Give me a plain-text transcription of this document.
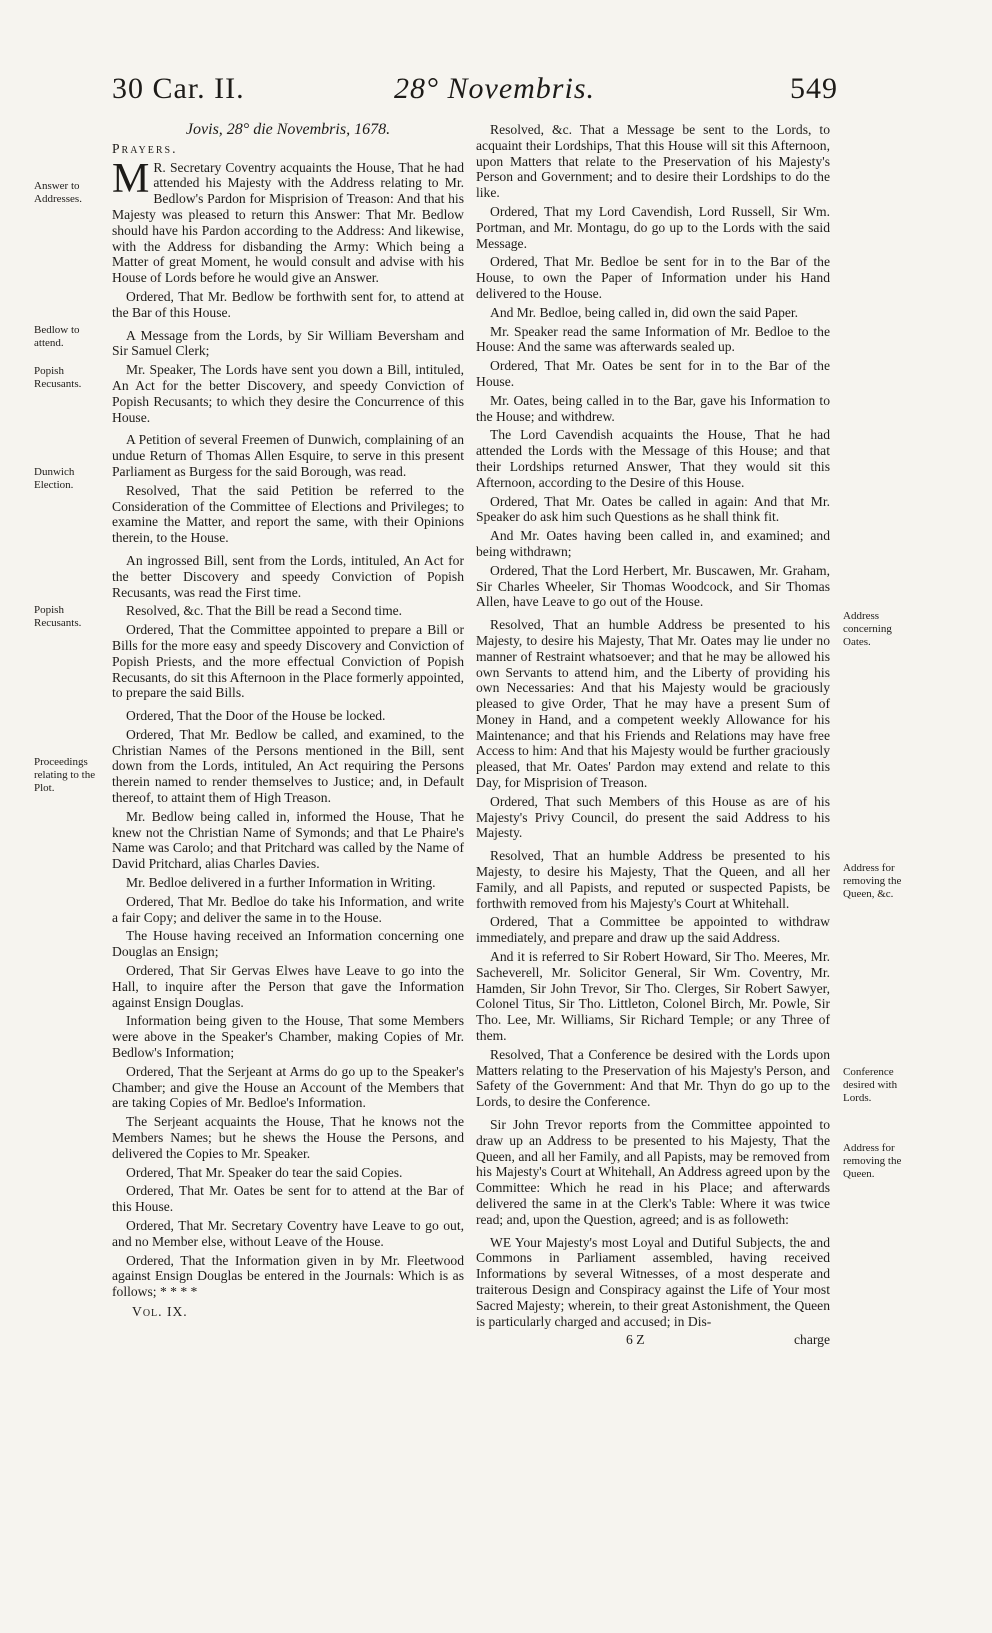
30 Car. II.	28° Novembris.	549
Answer to Addresses.
Bedlow to attend.
Popish Recusants.
Dunwich Election.
Popish Recusants.
Proceedings relating to the Plot.
Address concerning Oates.
Address for removing the Queen, &c.
Conference desired with Lords.
Address for removing the Queen.

Jovis, 28° die Novembris, 1678.

Prayers.

M R. Secretary Coventry acquaints the House, That he had attended his Majesty with the Address relating to Mr. Bedlow's Pardon for Misprision of Treason: And that his Majesty was pleased to return this Answer: That Mr. Bedlow should have his Pardon according to the Address: And likewise, with the Address for disbanding the Army: Which being a Matter of great Moment, he would consult and advise with his House of Lords before he would give an Answer.

Ordered, That Mr. Bedlow be forthwith sent for, to attend at the Bar of this House.

A Message from the Lords, by Sir William Beversham and Sir Samuel Clerk;

Mr. Speaker, The Lords have sent you down a Bill, intituled, An Act for the better Discovery, and speedy Conviction of Popish Recusants; to which they desire the Concurrence of this House.

A Petition of several Freemen of Dunwich, complaining of an undue Return of Thomas Allen Esquire, to serve in this present Parliament as Burgess for the said Borough, was read.

Resolved, That the said Petition be referred to the Consideration of the Committee of Elections and Privileges; to examine the Matter, and report the same, with their Opinions therein, to the House.

An ingrossed Bill, sent from the Lords, intituled, An Act for the better Discovery and speedy Conviction of Popish Recusants, was read the First time.

Resolved, &c. That the Bill be read a Second time.

Ordered, That the Committee appointed to prepare a Bill or Bills for the more easy and speedy Discovery and Conviction of Popish Priests, and the more effectual Conviction of Popish Recusants, do sit this Afternoon in the Place formerly appointed, to prepare the said Bills.

Ordered, That the Door of the House be locked.

Ordered, That Mr. Bedlow be called, and examined, to the Christian Names of the Persons mentioned in the Bill, sent down from the Lords, intituled, An Act requiring the Persons therein named to render themselves to Justice; and, in Default thereof, to attaint them of High Treason.

Mr. Bedlow being called in, informed the House, That he knew not the Christian Name of Symonds; and that Le Phaire's Name was Carolo; and that Pritchard was called by the Name of David Pritchard, alias Charles Davies.

Mr. Bedloe delivered in a further Information in Writing.

Ordered, That Mr. Bedloe do take his Information, and write a fair Copy; and deliver the same in to the House.

The House having received an Information concerning one Douglas an Ensign;

Ordered, That Sir Gervas Elwes have Leave to go into the Hall, to inquire after the Person that gave the Information against Ensign Douglas.

Information being given to the House, That some Members were above in the Speaker's Chamber, making Copies of Mr. Bedlow's Information;

Ordered, That the Serjeant at Arms do go up to the Speaker's Chamber; and give the House an Account of the Members that are taking Copies of Mr. Bedloe's Information.

The Serjeant acquaints the House, That he knows not the Members Names; but he shews the House the Persons, and delivered the Copies to Mr. Speaker.

Ordered, That Mr. Speaker do tear the said Copies.

Ordered, That Mr. Oates be sent for to attend at the Bar of this House.

Ordered, That Mr. Secretary Coventry have Leave to go out, and no Member else, without Leave of the House.

Ordered, That the Information given in by Mr. Fleetwood against Ensign Douglas be entered in the Journals: Which is as follows; * * * *

Vol. IX.

Resolved, &c. That a Message be sent to the Lords, to acquaint their Lordships, That this House will sit this Afternoon, upon Matters that relate to the Preservation of his Majesty's Person and Government; and to desire their Lordships to do the like.

Ordered, That my Lord Cavendish, Lord Russell, Sir Wm. Portman, and Mr. Montagu, do go up to the Lords with the said Message.

Ordered, That Mr. Bedloe be sent for in to the Bar of the House, to own the Paper of Information under his Hand delivered to the House.

And Mr. Bedloe, being called in, did own the said Paper.

Mr. Speaker read the same Information of Mr. Bedloe to the House: And the same was afterwards sealed up.

Ordered, That Mr. Oates be sent for in to the Bar of the House.

Mr. Oates, being called in to the Bar, gave his Information to the House; and withdrew.

The Lord Cavendish acquaints the House, That he had attended the Lords with the Message of this House; and that their Lordships returned Answer, That they would sit this Afternoon, according to the Desire of this House.

Ordered, That Mr. Oates be called in again: And that Mr. Speaker do ask him such Questions as he shall think fit.

And Mr. Oates having been called in, and examined; and being withdrawn;

Ordered, That the Lord Herbert, Mr. Buscawen, Mr. Graham, Sir Charles Wheeler, Sir Thomas Woodcock, and Sir Thomas Allen, have Leave to go out of the House.

Resolved, That an humble Address be presented to his Majesty, to desire his Majesty, That Mr. Oates may lie under no manner of Restraint whatsoever; and that he may be allowed his own Servants to attend him, and the Liberty of providing his own Necessaries: And that his Majesty would be graciously pleased to give Order, That he may have a present Sum of Money in Hand, and a competent weekly Allowance for his Maintenance; and that his Friends and Relations may have free Access to him: And that his Majesty would be further graciously pleased, that Mr. Oates' Pardon may extend and relate to this Day, for Misprision of Treason.

Ordered, That such Members of this House as are of his Majesty's Privy Council, do present the said Address to his Majesty.

Resolved, That an humble Address be presented to his Majesty, to desire his Majesty, That the Queen, and all her Family, and all Papists, and reputed or suspected Papists, be forthwith removed from his Majesty's Court at Whitehall.

Ordered, That a Committee be appointed to withdraw immediately, and prepare and draw up the said Address.

And it is referred to Sir Robert Howard, Sir Tho. Meeres, Mr. Sacheverell, Mr. Solicitor General, Sir Wm. Coventry, Mr. Hamden, Sir John Trevor, Sir Tho. Clerges, Sir Robert Sawyer, Colonel Titus, Sir Tho. Littleton, Colonel Birch, Mr. Powle, Sir Tho. Lee, Mr. Williams, Sir Richard Temple; or any Three of them.

Resolved, That a Conference be desired with the Lords upon Matters relating to the Preservation of his Majesty's Person, and Safety of the Government: And that Mr. Thyn do go up to the Lords, to desire the Conference.

Sir John Trevor reports from the Committee appointed to draw up an Address to be presented to his Majesty, That the Queen, and all her Family, and all Papists, may be removed from his Majesty's Court at Whitehall, An Address agreed upon by the Committee: Which he read in his Place; and afterwards delivered the same in at the Clerk's Table: Where it was twice read; and, upon the Question, agreed; and is as followeth:

WE Your Majesty's most Loyal and Dutiful Subjects, the and Commons in Parliament assembled, having received Informations by several Witnesses, of a most desperate and traiterous Design and Conspiracy against the Life of Your most Sacred Majesty; wherein, to their great Astonishment, the Queen is particularly charged and accused; in Dis-

6 Z	charge
